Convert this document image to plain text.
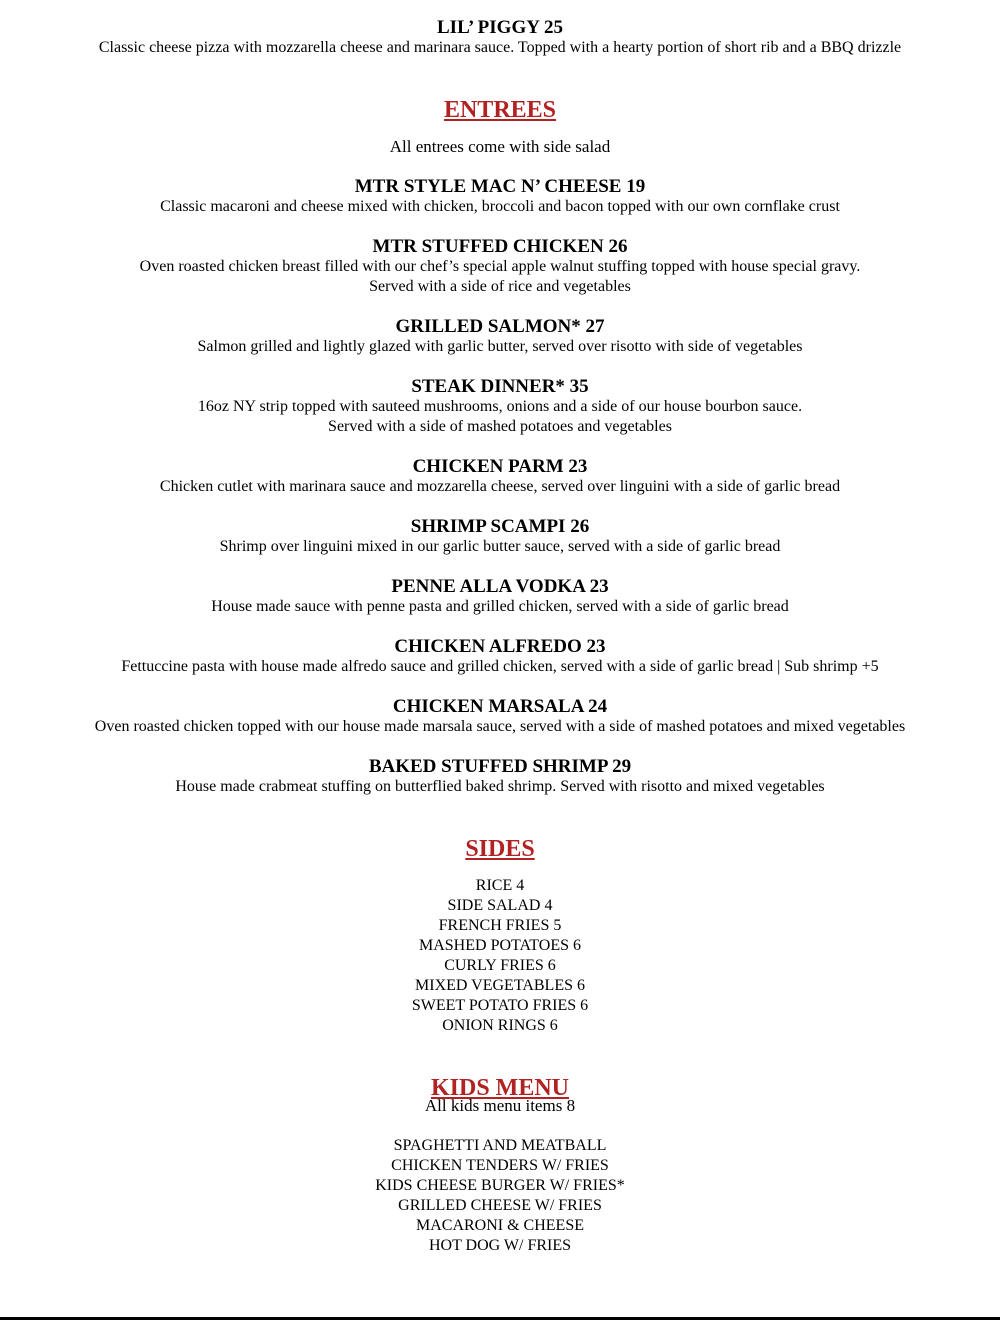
LIL’ PIGGY 25
Classic cheese pizza with mozzarella cheese and marinara sauce. Topped with a hearty portion of short rib and a BBQ drizzle
ENTREES
All entrees come with side salad
MTR STYLE MAC N’ CHEESE 19
Classic macaroni and cheese mixed with chicken, broccoli and bacon topped with our own cornflake crust
MTR STUFFED CHICKEN 26
Oven roasted chicken breast filled with our chef’s special apple walnut stuffing topped with house special gravy.
Served with a side of rice and vegetables
GRILLED SALMON* 27
Salmon grilled and lightly glazed with garlic butter, served over risotto with side of vegetables
STEAK DINNER* 35
16oz NY strip topped with sauteed mushrooms, onions and a side of our house bourbon sauce.
Served with a side of mashed potatoes and vegetables
CHICKEN PARM 23
Chicken cutlet with marinara sauce and mozzarella cheese, served over linguini with a side of garlic bread
SHRIMP SCAMPI 26
Shrimp over linguini mixed in our garlic butter sauce, served with a side of garlic bread
PENNE ALLA VODKA 23
House made sauce with penne pasta and grilled chicken, served with a side of garlic bread
CHICKEN ALFREDO 23
Fettuccine pasta with house made alfredo sauce and grilled chicken, served with a side of garlic bread | Sub shrimp +5
CHICKEN MARSALA 24
Oven roasted chicken topped with our house made marsala sauce, served with a side of mashed potatoes and mixed vegetables
BAKED STUFFED SHRIMP 29
House made crabmeat stuffing on butterflied baked shrimp. Served with risotto and mixed vegetables
SIDES
RICE 4
SIDE SALAD 4
FRENCH FRIES 5
MASHED POTATOES 6
CURLY FRIES 6
MIXED VEGETABLES 6
SWEET POTATO FRIES 6
ONION RINGS 6
KIDS MENU
All kids menu items 8
SPAGHETTI AND MEATBALL
CHICKEN TENDERS W/ FRIES
KIDS CHEESE BURGER W/ FRIES*
GRILLED CHEESE W/ FRIES
MACARONI & CHEESE
HOT DOG W/ FRIES
